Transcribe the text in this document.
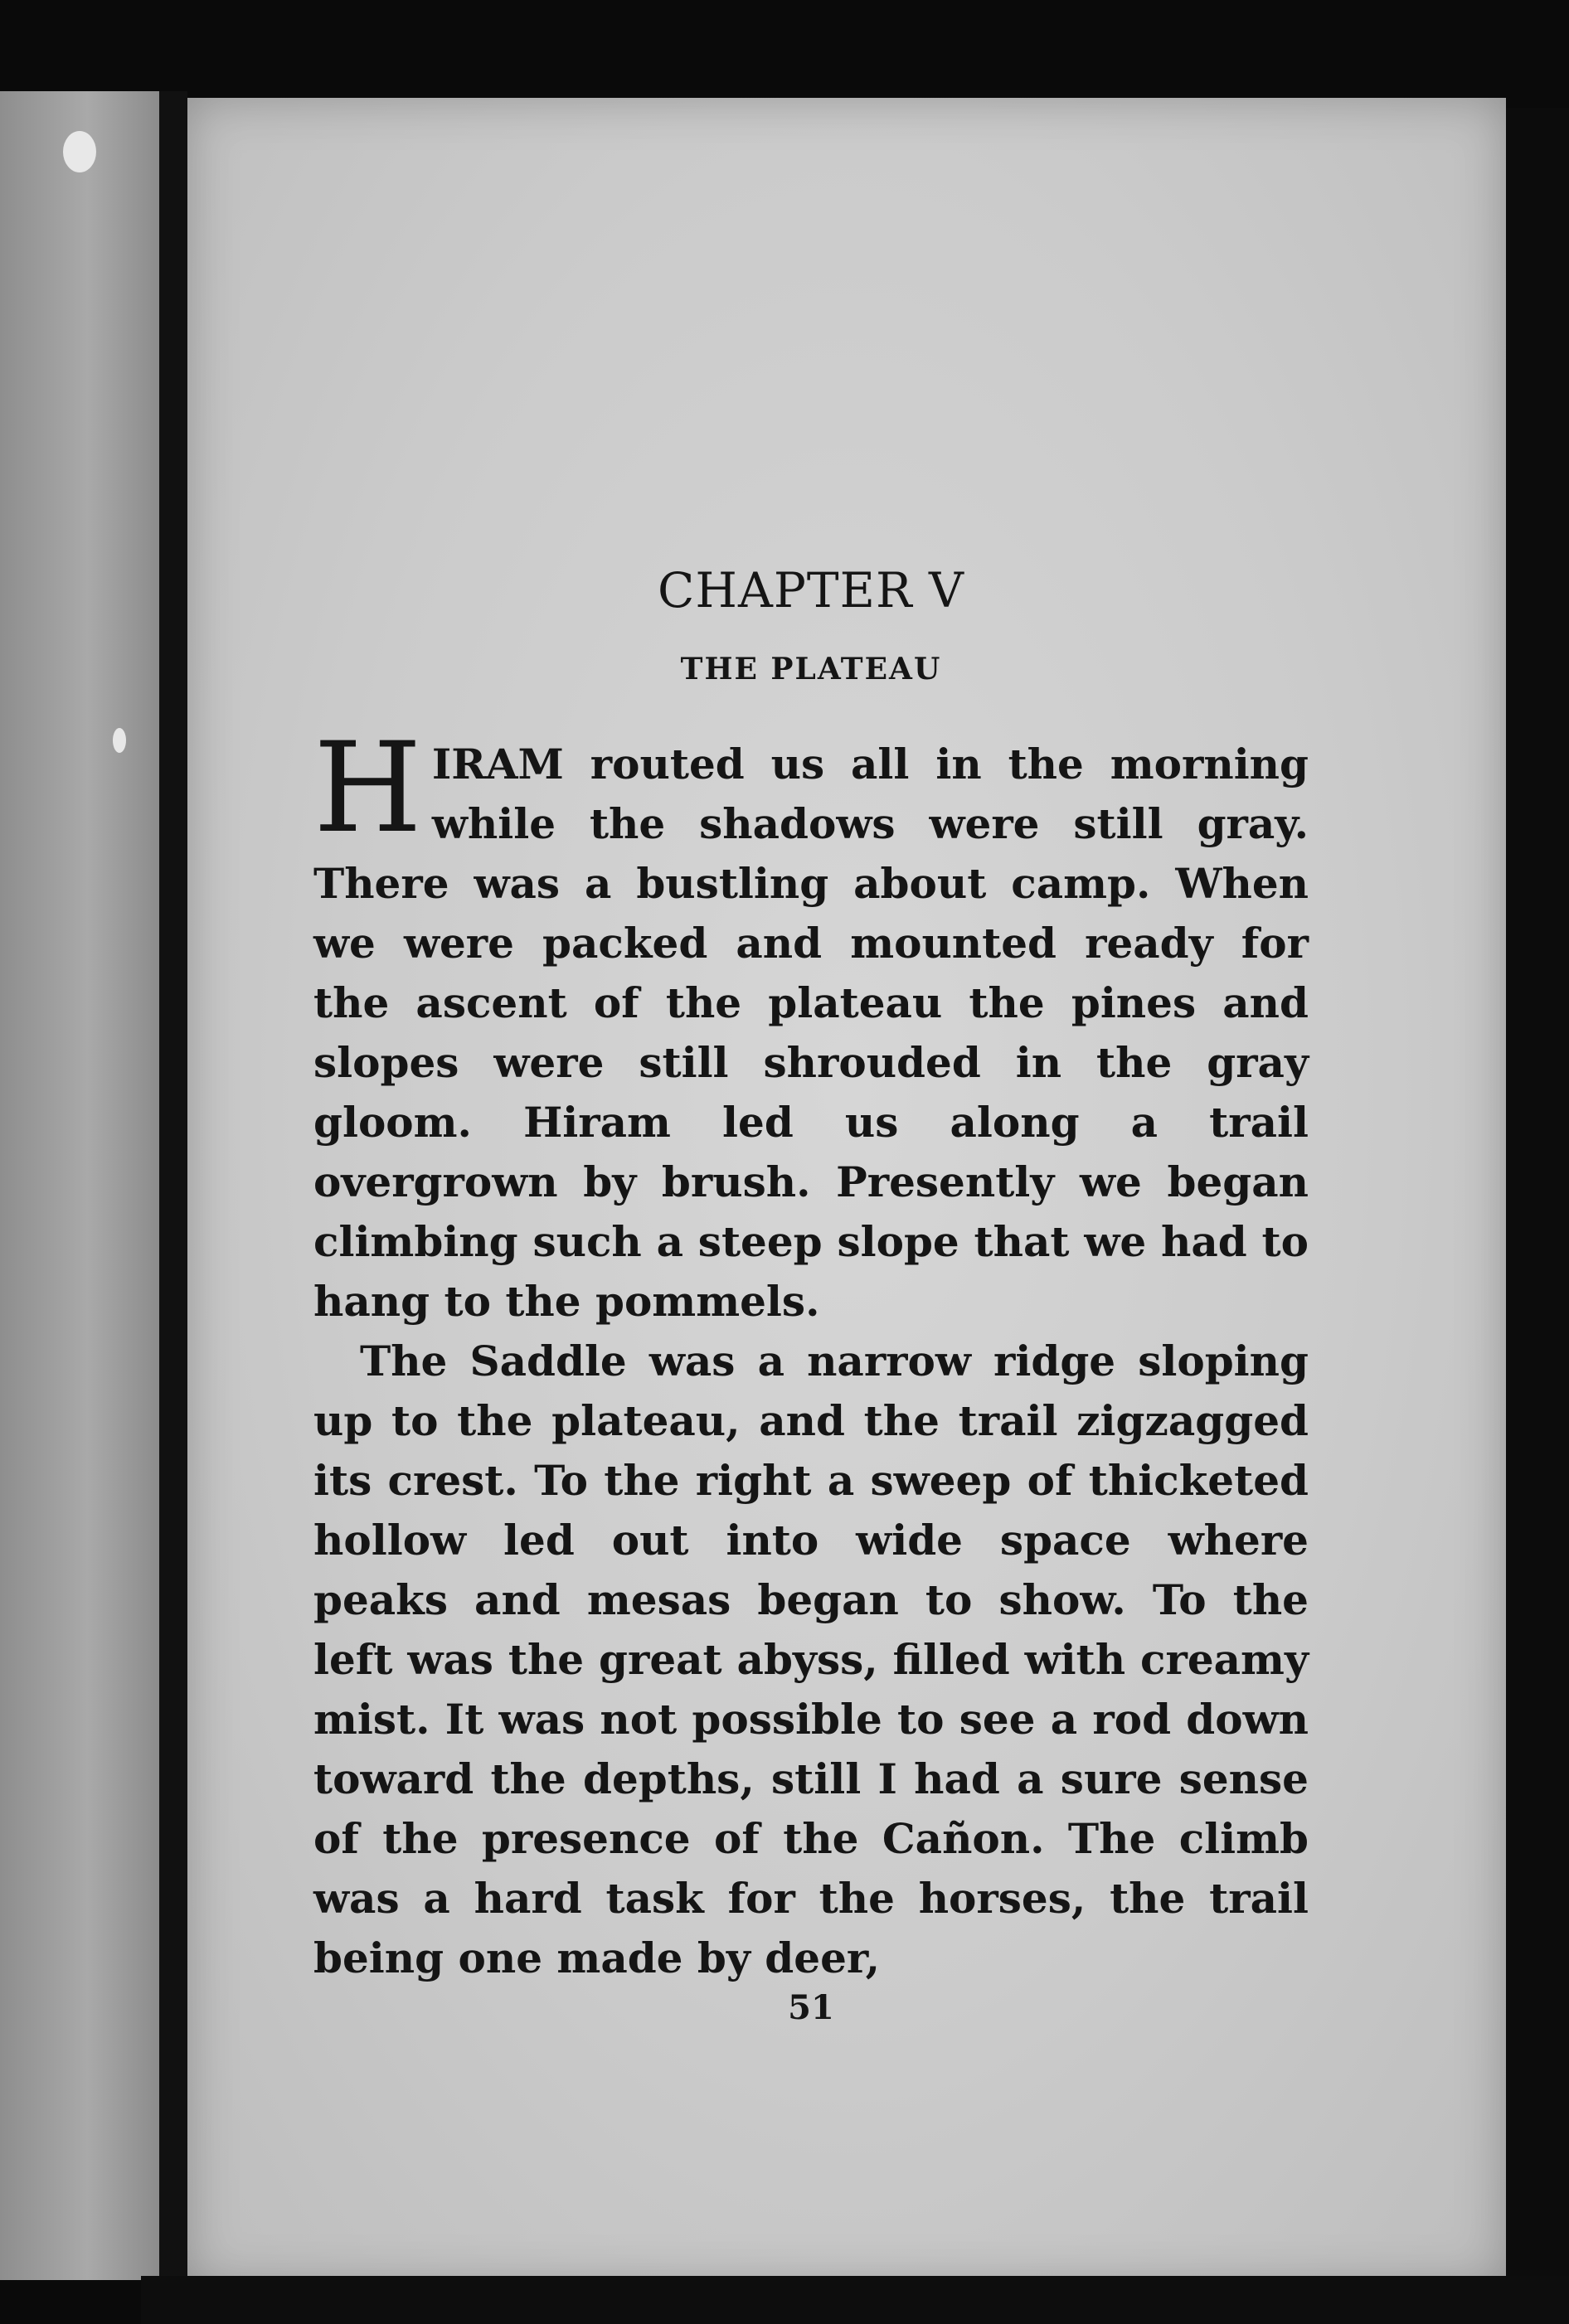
CHAPTER V
THE PLATEAU

HIRAM routed us all in the morning while the shadows were still gray. There was a bustling about camp. When we were packed and mounted ready for the ascent of the plateau the pines and slopes were still shrouded in the gray gloom. Hiram led us along a trail overgrown by brush. Presently we began climbing such a steep slope that we had to hang to the pommels.

The Saddle was a narrow ridge sloping up to the plateau, and the trail zigzagged its crest. To the right a sweep of thicketed hollow led out into wide space where peaks and mesas began to show. To the left was the great abyss, filled with creamy mist. It was not possible to see a rod down toward the depths, still I had a sure sense of the presence of the Cañon. The climb was a hard task for the horses, the trail being one made by deer,

51
